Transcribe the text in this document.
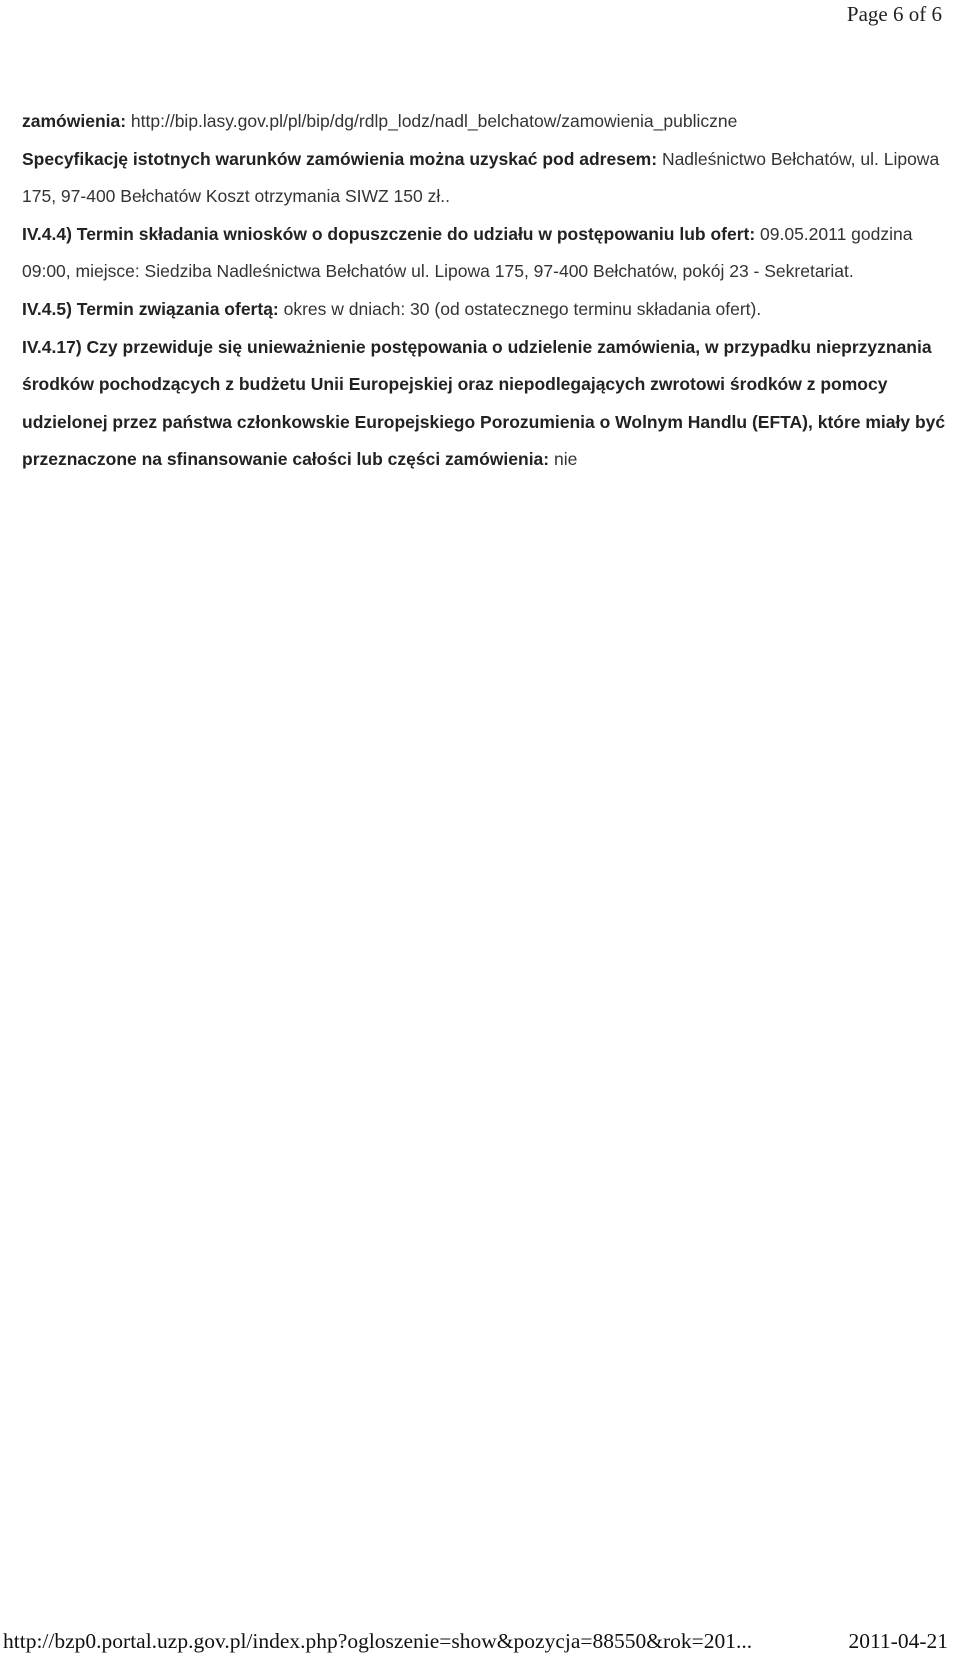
Page 6 of 6

zamówienia: http://bip.lasy.gov.pl/pl/bip/dg/rdlp_lodz/nadl_belchatow/zamowienia_publiczne

Specyfikację istotnych warunków zamówienia można uzyskać pod adresem: Nadleśnictwo Bełchatów, ul. Lipowa 175, 97-400 Bełchatów Koszt otrzymania SIWZ 150 zł..

IV.4.4) Termin składania wniosków o dopuszczenie do udziału w postępowaniu lub ofert: 09.05.2011 godzina 09:00, miejsce: Siedziba Nadleśnictwa Bełchatów ul. Lipowa 175, 97-400 Bełchatów, pokój 23 - Sekretariat.

IV.4.5) Termin związania ofertą: okres w dniach: 30 (od ostatecznego terminu składania ofert).

IV.4.17) Czy przewiduje się unieważnienie postępowania o udzielenie zamówienia, w przypadku nieprzyznania środków pochodzących z budżetu Unii Europejskiej oraz niepodlegających zwrotowi środków z pomocy udzielonej przez państwa członkowskie Europejskiego Porozumienia o Wolnym Handlu (EFTA), które miały być przeznaczone na sfinansowanie całości lub części zamówienia: nie

http://bzp0.portal.uzp.gov.pl/index.php?ogloszenie=show&pozycja=88550&rok=201...	2011-04-21
